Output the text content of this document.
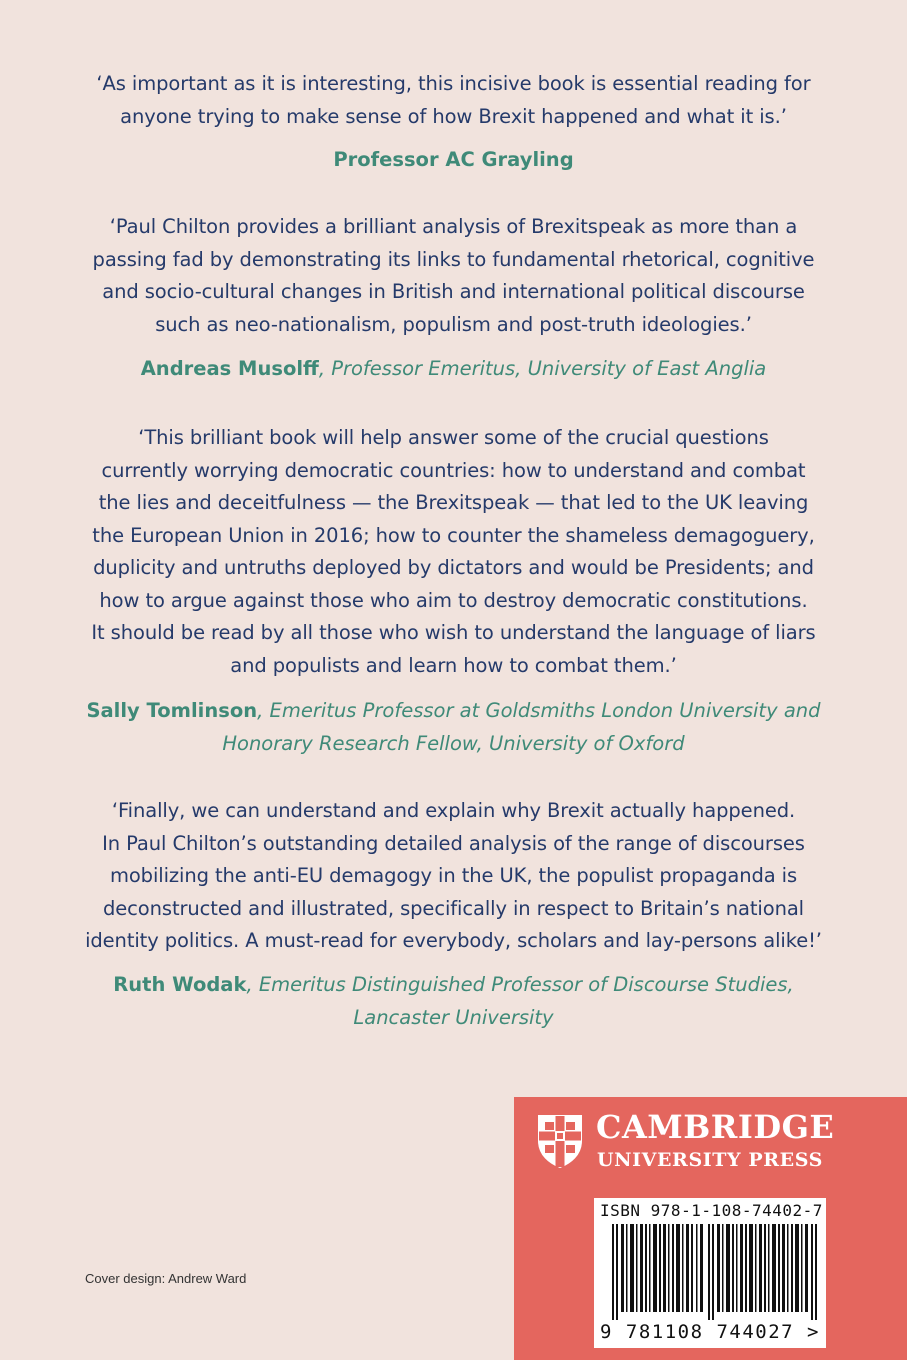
‘As important as it is interesting, this incisive book is essential reading for
anyone trying to make sense of how Brexit happened and what it is.’
Professor AC Grayling
‘Paul Chilton provides a brilliant analysis of Brexitspeak as more than a
passing fad by demonstrating its links to fundamental rhetorical, cognitive
and socio-cultural changes in British and international political discourse
such as neo-nationalism, populism and post-truth ideologies.’
Andreas Musolff, Professor Emeritus, University of East Anglia
‘This brilliant book will help answer some of the crucial questions
currently worrying democratic countries: how to understand and combat
the lies and deceitfulness — the Brexitspeak — that led to the UK leaving
the European Union in 2016; how to counter the shameless demagoguery,
duplicity and untruths deployed by dictators and would be Presidents; and
how to argue against those who aim to destroy democratic constitutions.
It should be read by all those who wish to understand the language of liars
and populists and learn how to combat them.’
Sally Tomlinson, Emeritus Professor at Goldsmiths London University and
Honorary Research Fellow, University of Oxford
‘Finally, we can understand and explain why Brexit actually happened.
In Paul Chilton’s outstanding detailed analysis of the range of discourses
mobilizing the anti-EU demagogy in the UK, the populist propaganda is
deconstructed and illustrated, specifically in respect to Britain’s national
identity politics. A must-read for everybody, scholars and lay-persons alike!’
Ruth Wodak, Emeritus Distinguished Professor of Discourse Studies,
Lancaster University
Cover design: Andrew Ward
CAMBRIDGE
UNIVERSITY PRESS
ISBN 978-1-108-74402-7
9 781108 744027 >
